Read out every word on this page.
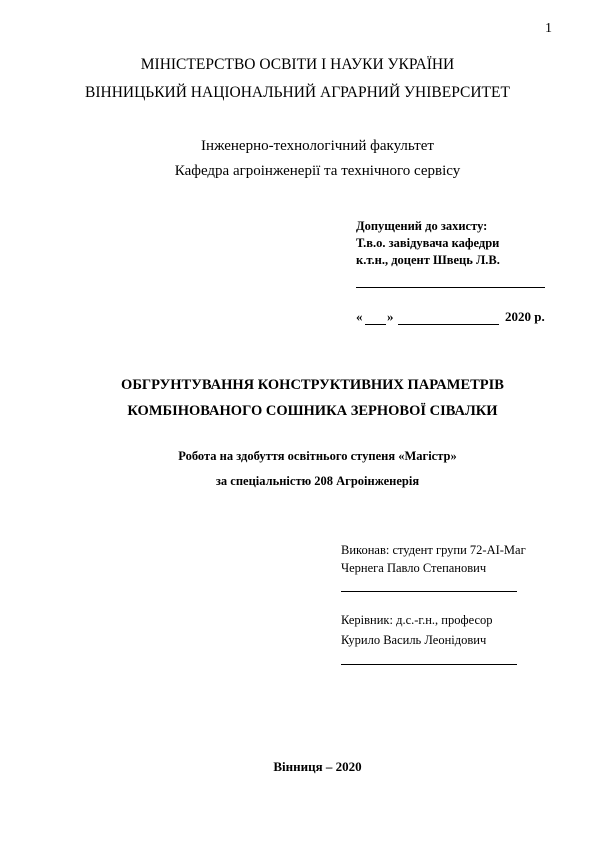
1
МІНІСТЕРСТВО ОСВІТИ І НАУКИ УКРАЇНИ
ВІННИЦЬКИЙ НАЦІОНАЛЬНИЙ АГРАРНИЙ УНІВЕРСИТЕТ
Інженерно-технологічний факультет
Кафедра агроінженерії та технічного сервісу
Допущений до захисту:
Т.в.о. завідувача кафедри
к.т.н., доцент Швець Л.В.
« »	2020 р.
ОБГРУНТУВАННЯ КОНСТРУКТИВНИХ ПАРАМЕТРІВ
КОМБІНОВАНОГО СОШНИКА ЗЕРНОВОЇ СІВАЛКИ
Робота на здобуття освітнього ступеня «Магістр»
за спеціальністю 208 Агроінженерія
Виконав: студент групи 72-АІ-Маг
Чернега Павло Степанович
Керівник: д.с.-г.н., професор
Курило Василь Леонідович
Вінниця – 2020
